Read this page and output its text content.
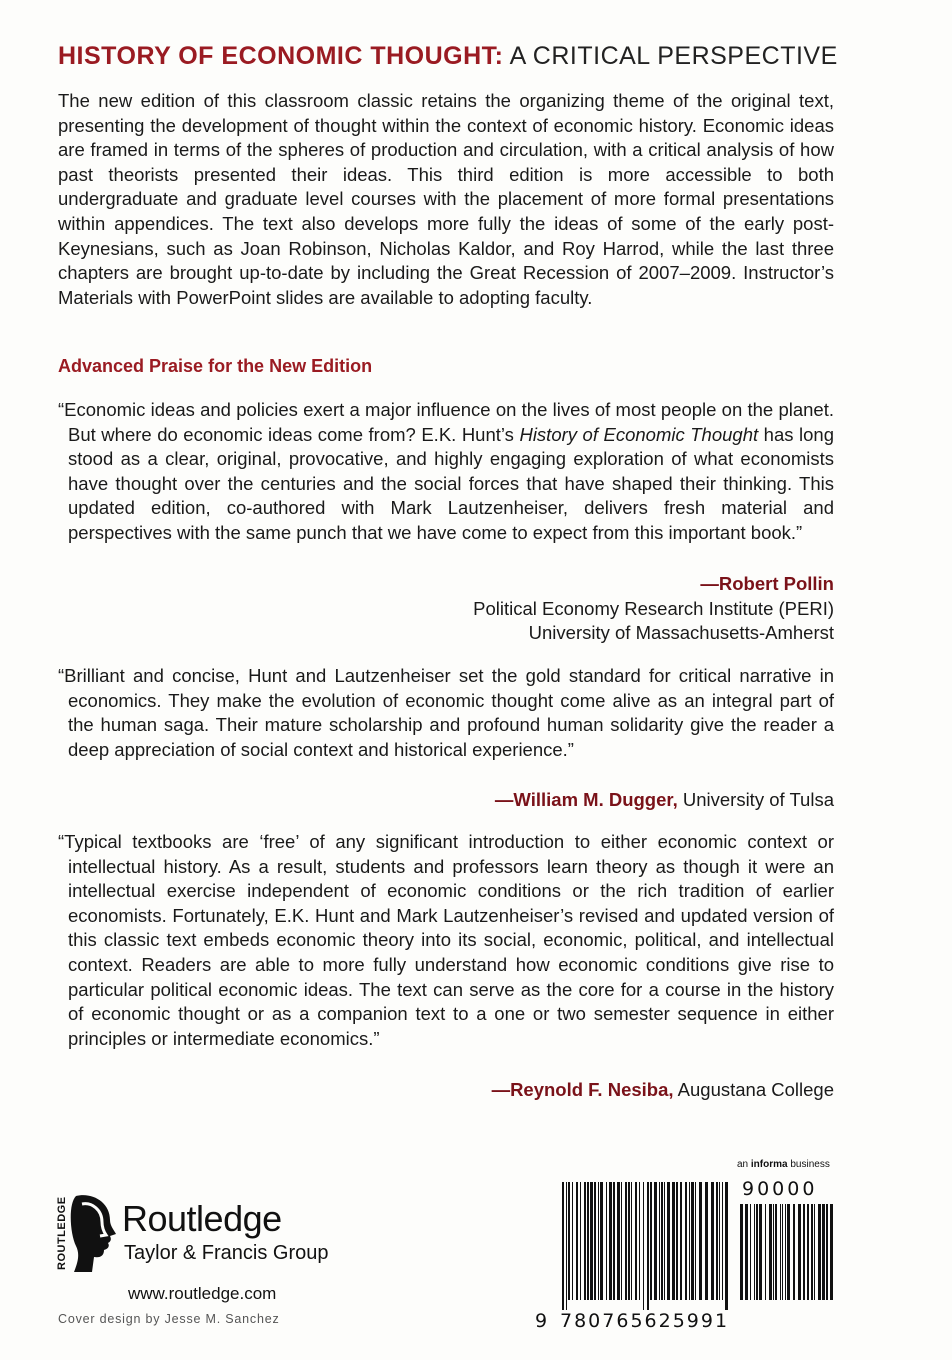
HISTORY OF ECONOMIC THOUGHT: A CRITICAL PERSPECTIVE

The new edition of this classroom classic retains the organizing theme of the original text, presenting the development of thought within the context of economic history. Economic ideas are framed in terms of the spheres of production and circulation, with a critical analysis of how past theorists presented their ideas. This third edition is more accessible to both undergraduate and graduate level courses with the placement of more formal presentations within appendices. The text also develops more fully the ideas of some of the early post-Keynesians, such as Joan Robinson, Nicholas Kaldor, and Roy Harrod, while the last three chapters are brought up-to-date by including the Great Recession of 2007–2009. Instructor’s Materials with PowerPoint slides are available to adopting faculty.

Advanced Praise for the New Edition

“Economic ideas and policies exert a major influence on the lives of most people on the planet. But where do economic ideas come from? E.K. Hunt’s History of Economic Thought has long stood as a clear, original, provocative, and highly engaging exploration of what economists have thought over the centuries and the social forces that have shaped their thinking. This updated edition, co-authored with Mark Lautzenheiser, delivers fresh material and perspectives with the same punch that we have come to expect from this important book.”

—Robert Pollin
Political Economy Research Institute (PERI)
University of Massachusetts-Amherst

“Brilliant and concise, Hunt and Lautzenheiser set the gold standard for critical narrative in economics. They make the evolution of economic thought come alive as an integral part of the human saga. Their mature scholarship and profound human solidarity give the reader a deep appreciation of social context and historical experience.”

—William M. Dugger, University of Tulsa

“Typical textbooks are ‘free’ of any significant introduction to either economic context or intellectual history. As a result, students and professors learn theory as though it were an intellectual exercise independent of economic conditions or the rich tradition of earlier economists. Fortunately, E.K. Hunt and Mark Lautzenheiser’s revised and updated version of this classic text embeds economic theory into its social, economic, political, and intellectual context. Readers are able to more fully understand how economic conditions give rise to particular political economic ideas. The text can serve as the core for a course in the history of economic thought or as a companion text to a one or two semester sequence in either principles or intermediate economics.”

—Reynold F. Nesiba, Augustana College
an informa business
ROUTLEDGE Routledge
Taylor & Francis Group
www.routledge.com
Cover design by Jesse M. Sanchez	9 780765625991
90000
